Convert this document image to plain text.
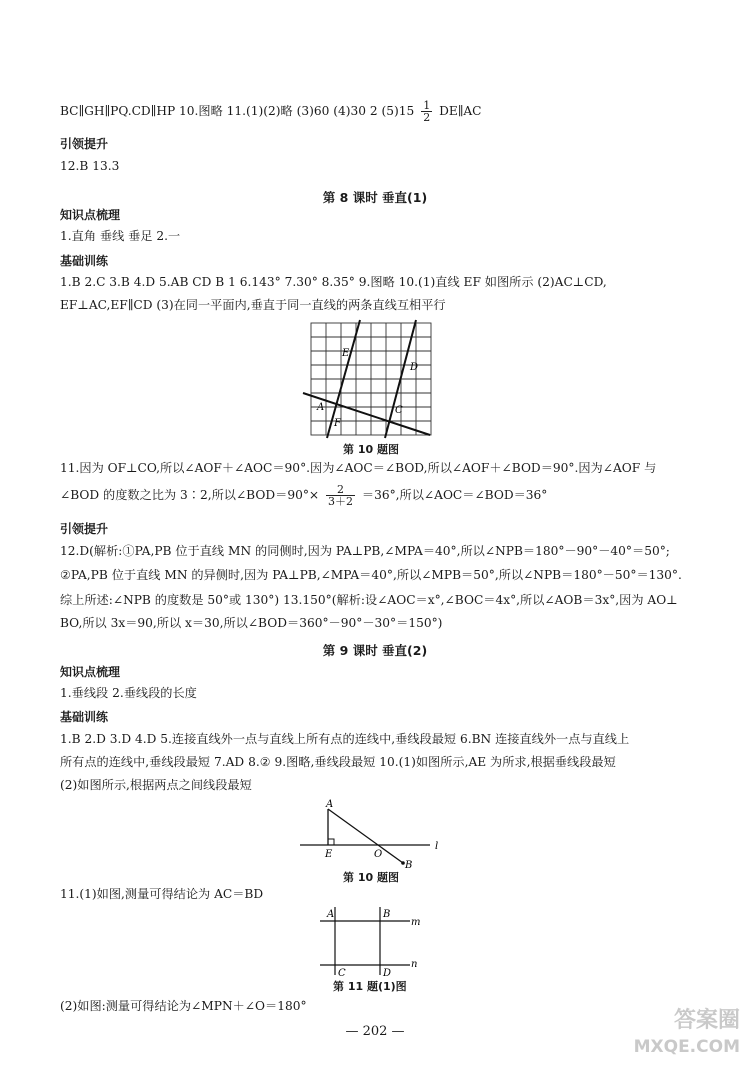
BC∥GH∥PQ.CD∥HP 10.图略 11.(1)(2)略 (3)60 (4)30 2 $(5)15 \frac{1}{2}$ DE∥AC
引领提升
12.B 13.3
第 8 课时 垂直(1)
知识点梳理
1.直角 垂线 垂足 2.一
基础训练
1.B 2.C 3.B 4.D 5.AB CD B 1 6.143° 7.30° 8.35° 9.图略 10.(1)直线 EF 如图所示 (2)AC⊥CD,
EF⊥AC,EF∥CD (3)在同一平面内,垂直于同一直线的两条直线互相平行
E
D
A
F
C
第 10 题图
11.因为 OF⊥CO,所以∠AOF＋∠AOC＝90°.因为∠AOC＝∠BOD,所以∠AOF＋∠BOD＝90°.因为∠AOF 与
∠BOD 的度数之比为 3∶2,所以∠BOD＝90°× $\frac{2}{3+2} =36^\circ$,所以∠AOC＝∠BOD＝36°
引领提升
12.D(解析:①PA,PB 位于直线 MN 的同侧时,因为 PA⊥PB,∠MPA＝40°,所以∠NPB＝180°－90°－40°＝50°;
②PA,PB 位于直线 MN 的异侧时,因为 PA⊥PB,∠MPA＝40°,所以∠MPB＝50°,所以∠NPB＝180°－50°＝130°.
综上所述:∠NPB 的度数是 50°或 130°) 13.150°(解析:设∠AOC＝x°,∠BOC＝4x°,所以∠AOB＝3x°,因为 AO⊥
BO,所以 3x＝90,所以 x＝30,所以∠BOD＝360°－90°－30°＝150°)
第 9 课时 垂直(2)
知识点梳理
1.垂线段 2.垂线段的长度
基础训练
1.B 2.D 3.D 4.D 5.连接直线外一点与直线上所有点的连线中,垂线段最短 6.BN 连接直线外一点与直线上
所有点的连线中,垂线段最短 7.AD 8.② 9.图略,垂线段最短 10.(1)如图所示,AE 为所求,根据垂线段最短
(2)如图所示,根据两点之间线段最短
A
E	O
B
l
第 10 题图
11.(1)如图,测量可得结论为 AC＝BD
A	B
m
C	D
n
第 11 题(1)图
(2)如图:测量可得结论为∠MPN＋∠O＝180°
— 202 —	答案圈
MXQE.COM
